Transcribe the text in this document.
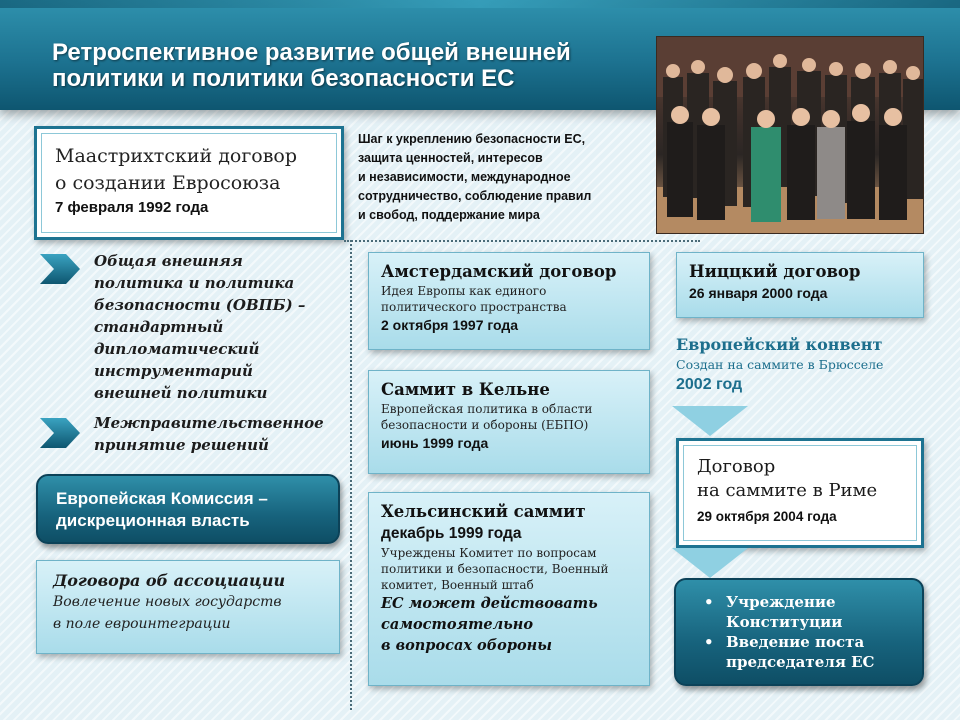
Ретроспективное развитие общей внешней политики и политики безопасности ЕС
Маастрихтский договор
о создании Евросоюза
7 февраля 1992 года
Шаг к укреплению безопасности ЕС,
защита ценностей, интересов
и независимости, международное
сотрудничество, соблюдение правил
и свобод, поддержание мира
Общая внешняя
политика и политика
безопасности (ОВПБ) –
стандартный
дипломатический
инструментарий
внешней политики
Межправительственное
принятие решений
Европейская Комиссия –
дискреционная власть
Договора об ассоциации
Вовлечение новых государств
в поле евроинтеграции
Амстердамский договор
Идея Европы как единого
политического пространства
2 октября 1997 года
Саммит в Кельне
Европейская политика в области
безопасности и обороны (ЕБПО)
июнь 1999 года
Хельсинский саммит
декабрь 1999 года
Учреждены Комитет по вопросам
политики и безопасности, Военный
комитет, Военный штаб
ЕС может действовать
самостоятельно
в вопросах обороны
Ниццкий договор
26 января 2000 года
Европейский конвент
Создан на саммите в Брюсселе
2002 год
Договор
на саммите в Риме
29 октября 2004 года
• Учреждение
Конституции
• Введение поста
председателя ЕС
